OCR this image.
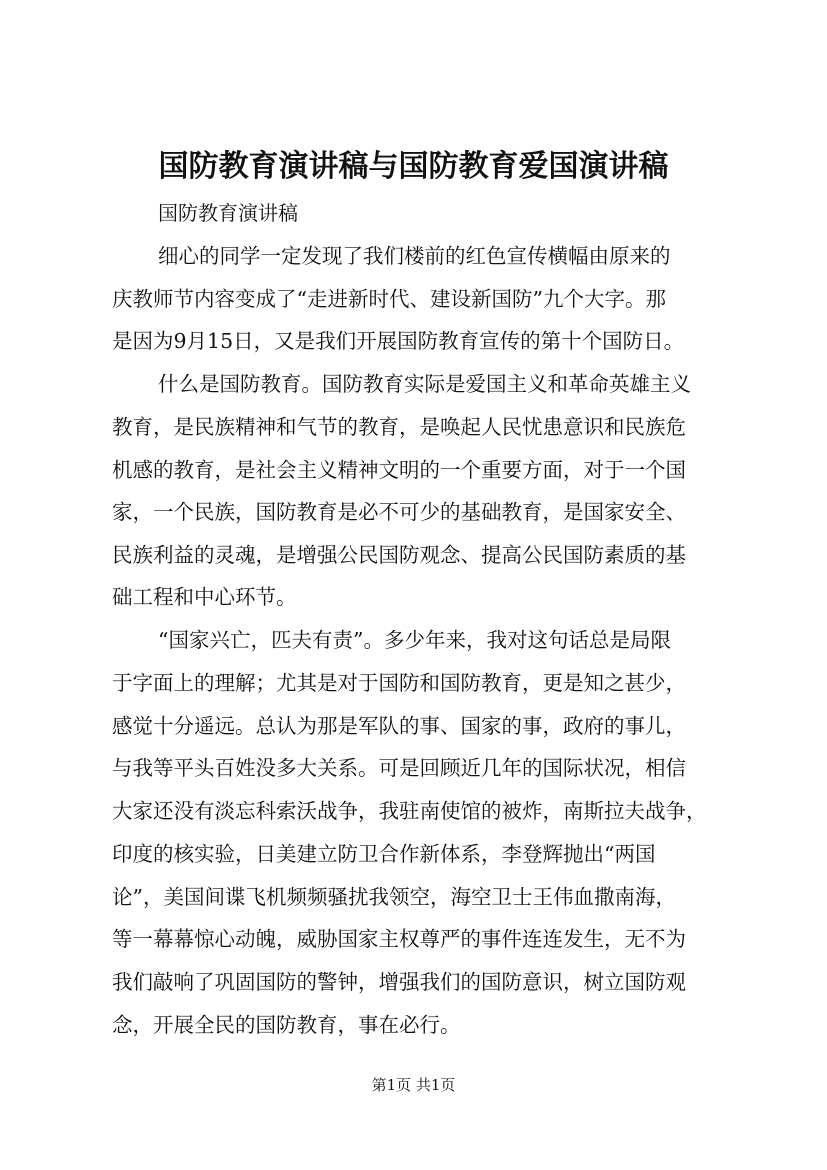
国防教育演讲稿与国防教育爱国演讲稿
国防教育演讲稿
细心的同学一定发现了我们楼前的红色宣传横幅由原来的
庆教师节内容变成了“走进新时代、建设新国防”九个大字。那
是因为9月15日，又是我们开展国防教育宣传的第十个国防日。
什么是国防教育。国防教育实际是爱国主义和革命英雄主义
教育，是民族精神和气节的教育，是唤起人民忧患意识和民族危
机感的教育，是社会主义精神文明的一个重要方面，对于一个国
家，一个民族，国防教育是必不可少的基础教育，是国家安全、
民族利益的灵魂，是增强公民国防观念、提高公民国防素质的基
础工程和中心环节。
“国家兴亡，匹夫有责”。多少年来，我对这句话总是局限
于字面上的理解；尤其是对于国防和国防教育，更是知之甚少，
感觉十分遥远。总认为那是军队的事、国家的事，政府的事儿，
与我等平头百姓没多大关系。可是回顾近几年的国际状况，相信
大家还没有淡忘科索沃战争，我驻南使馆的被炸，南斯拉夫战争，
印度的核实验，日美建立防卫合作新体系，李登辉抛出“两国
论”，美国间谍飞机频频骚扰我领空，海空卫士王伟血撒南海，
等一幕幕惊心动魄，威胁国家主权尊严的事件连连发生，无不为
我们敲响了巩固国防的警钟，增强我们的国防意识，树立国防观
念，开展全民的国防教育，事在必行。
第1页 共1页
